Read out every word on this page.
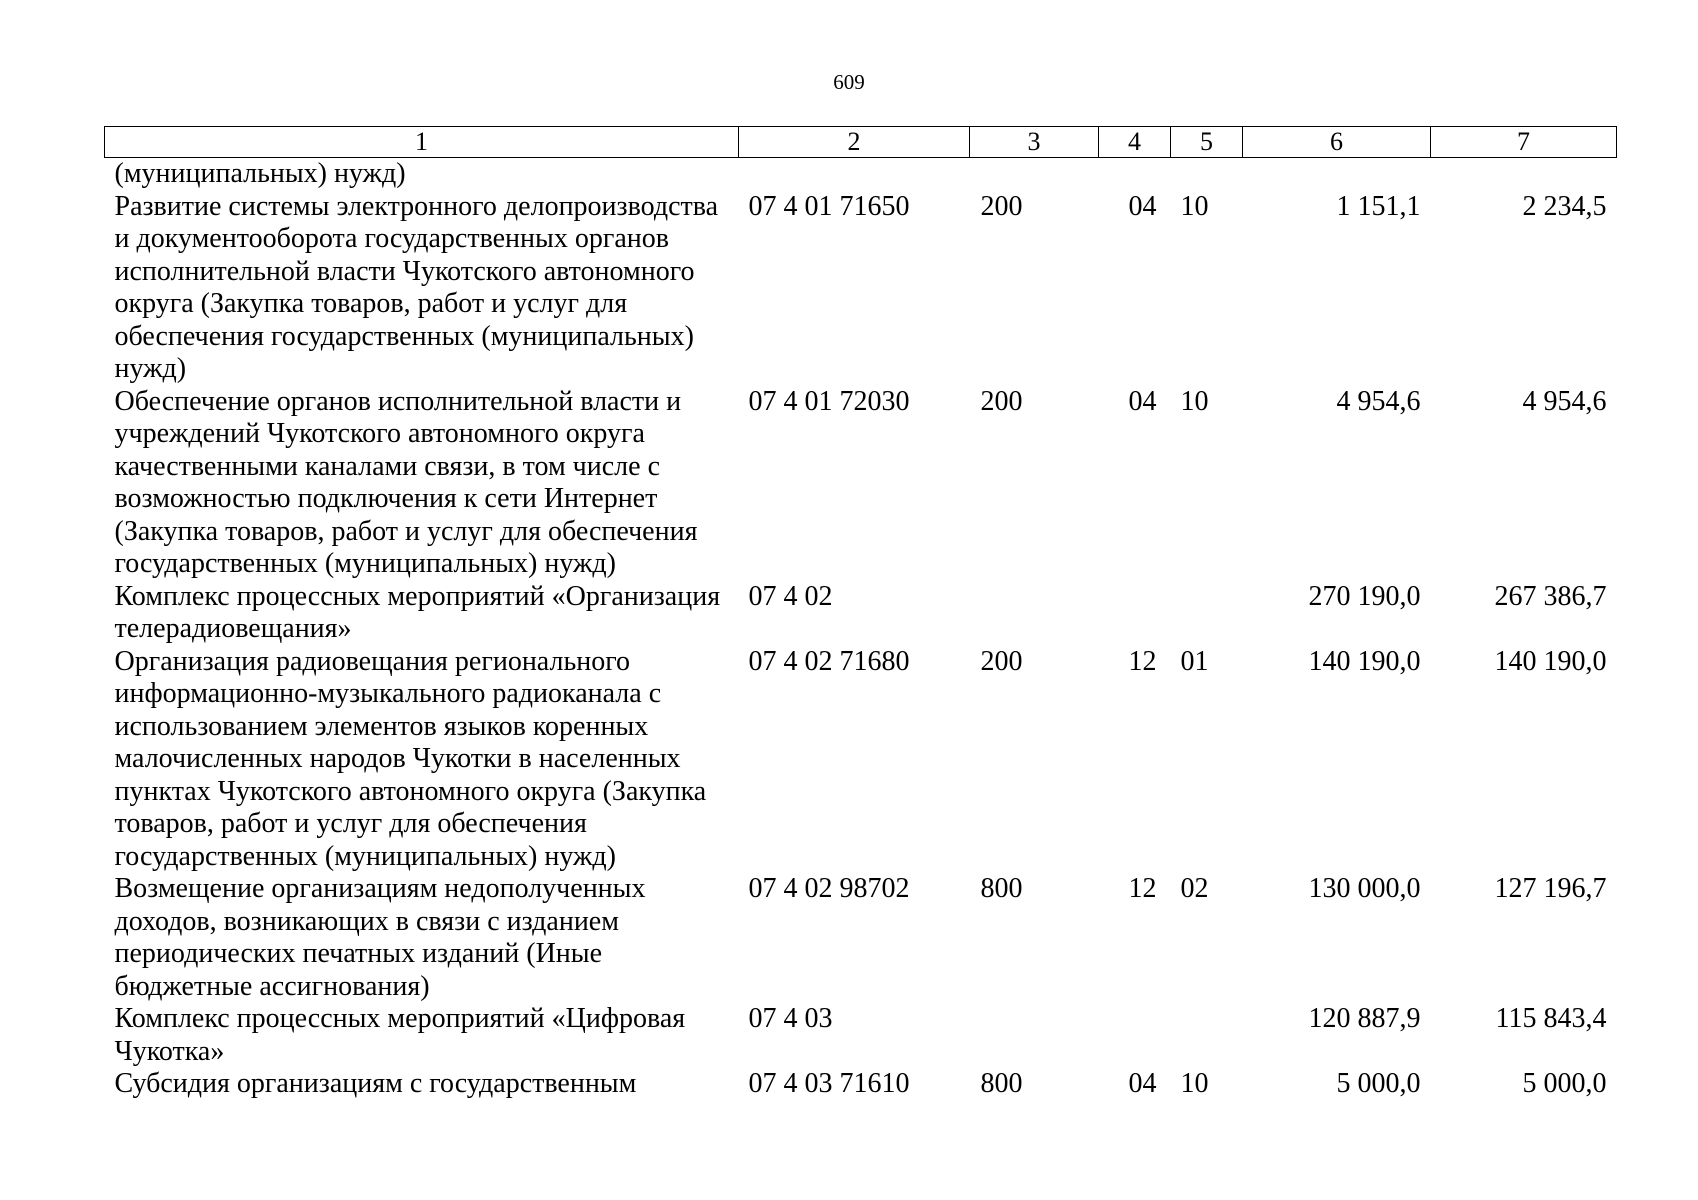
609
1	2	3	4	5	6	7
(муниципальных) нужд)						
Развитие системы электронного делопроизводства и документооборота государственных органов исполнительной власти Чукотского автономного округа (Закупка товаров, работ и услуг для обеспечения государственных (муниципальных) нужд)	07 4 01 71650	200	04	10	1 151,1	2 234,5
Обеспечение органов исполнительной власти и учреждений Чукотского автономного округа качественными каналами связи, в том числе с возможностью подключения к сети Интернет (Закупка товаров, работ и услуг для обеспечения государственных (муниципальных) нужд)	07 4 01 72030	200	04	10	4 954,6	4 954,6
Комплекс процессных мероприятий «Организация телерадиовещания»	07 4 02				270 190,0	267 386,7
Организация радиовещания регионального информационно-музыкального радиоканала с использованием элементов языков коренных малочисленных народов Чукотки в населенных пунктах Чукотского автономного округа (Закупка товаров, работ и услуг для обеспечения государственных (муниципальных) нужд)	07 4 02 71680	200	12	01	140 190,0	140 190,0
Возмещение организациям недополученных доходов, возникающих в связи с изданием периодических печатных изданий (Иные бюджетные ассигнования)	07 4 02 98702	800	12	02	130 000,0	127 196,7
Комплекс процессных мероприятий «Цифровая Чукотка»	07 4 03				120 887,9	115 843,4
Субсидия организациям с государственным	07 4 03 71610	800	04	10	5 000,0	5 000,0
